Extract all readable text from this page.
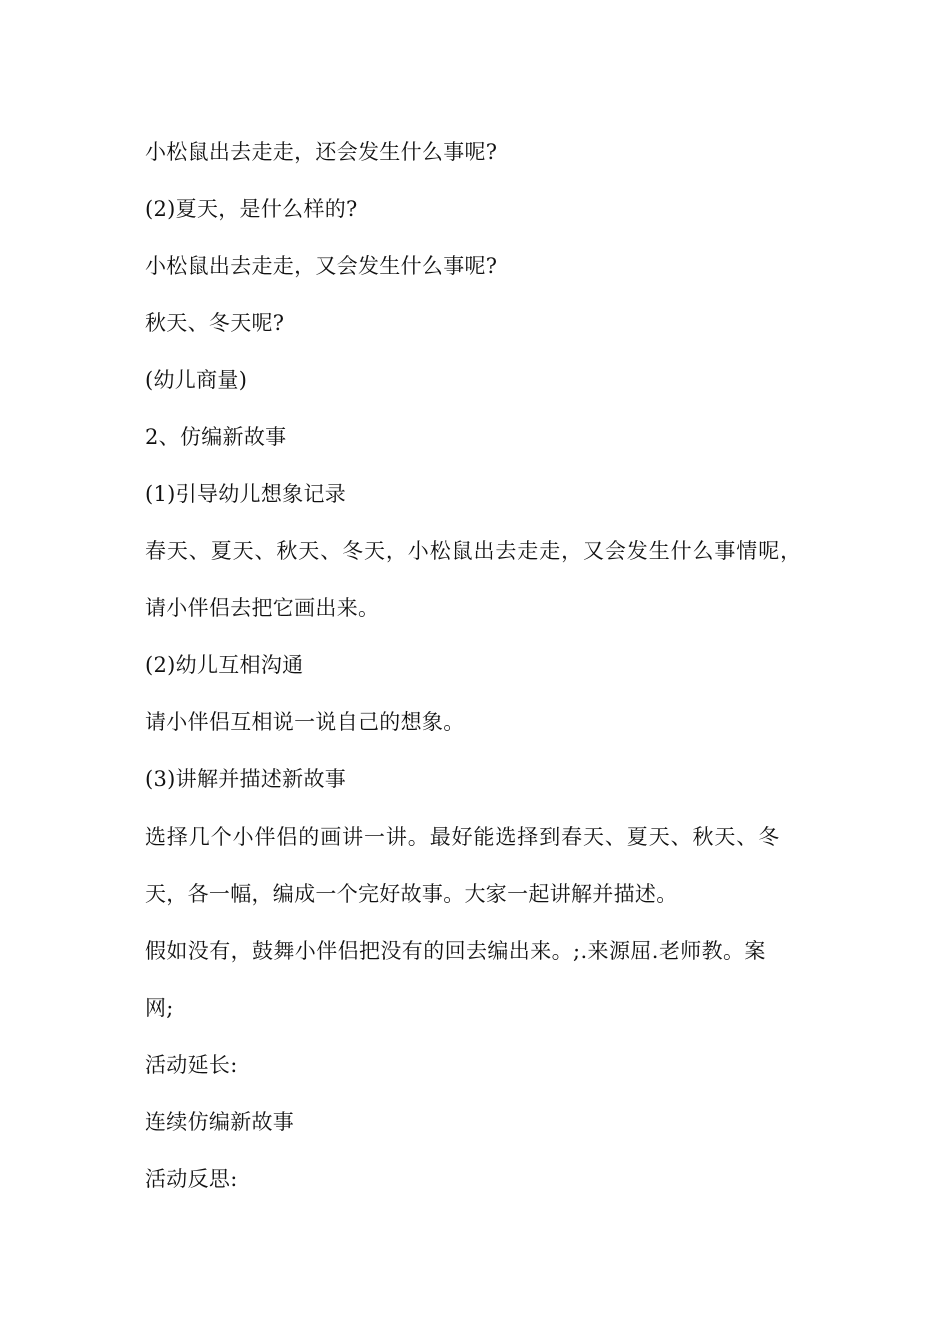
小松鼠出去走走，还会发生什么事呢?

(2)夏天，是什么样的?

小松鼠出去走走，又会发生什么事呢?

秋天、冬天呢?

(幼儿商量)

2、仿编新故事

(1)引导幼儿想象记录

春天、夏天、秋天、冬天，小松鼠出去走走，又会发生什么事情呢，

请小伴侣去把它画出来。

(2)幼儿互相沟通

请小伴侣互相说一说自己的想象。

(3)讲解并描述新故事

选择几个小伴侣的画讲一讲。最好能选择到春天、夏天、秋天、冬

天，各一幅，编成一个完好故事。大家一起讲解并描述。

假如没有，鼓舞小伴侣把没有的回去编出来。;.来源屈.老师教。案

网;

活动延长:

连续仿编新故事

活动反思:
